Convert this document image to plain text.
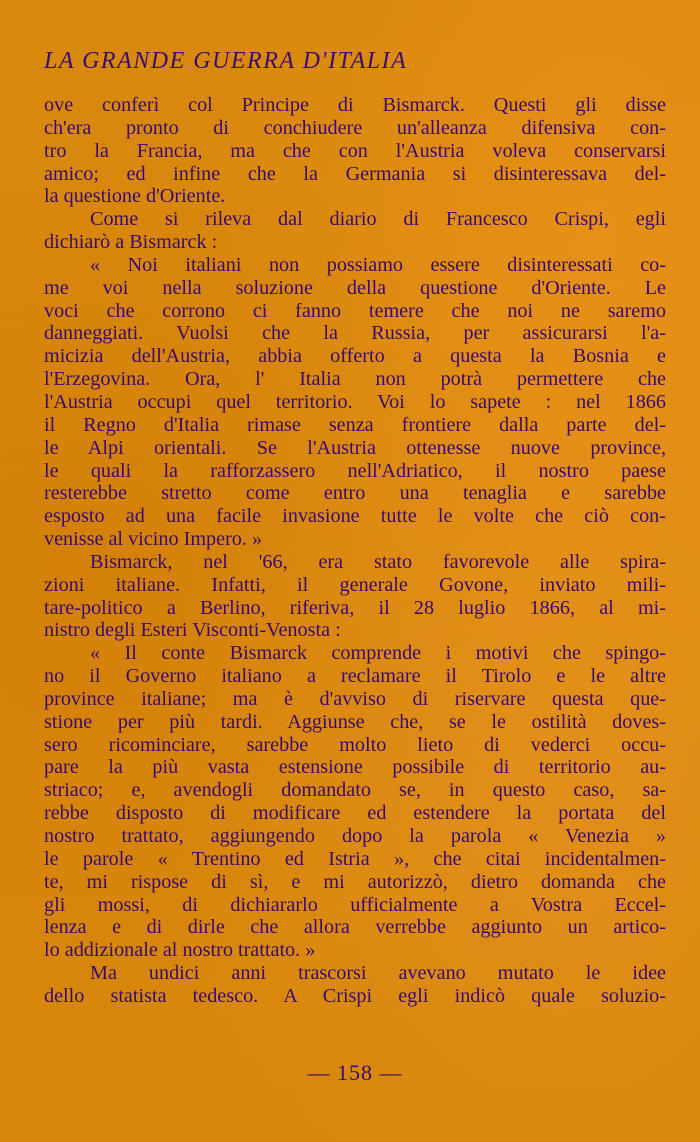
LA GRANDE GUERRA D'ITALIA
ove conferì col Principe di Bismarck. Questi gli disse
ch'era pronto di conchiudere un'alleanza difensiva con-
tro la Francia, ma che con l'Austria voleva conservarsi
amico; ed infine che la Germania si disinteressava del-
la questione d'Oriente.
Come si rileva dal diario di Francesco Crispi, egli
dichiarò a Bismarck :
« Noi italiani non possiamo essere disinteressati co-
me voi nella soluzione della questione d'Oriente. Le
voci che corrono ci fanno temere che noi ne saremo
danneggiati. Vuolsi che la Russia, per assicurarsi l'a-
micizia dell'Austria, abbia offerto a questa la Bosnia e
l'Erzegovina. Ora, l' Italia non potrà permettere che
l'Austria occupi quel territorio. Voi lo sapete : nel 1866
il Regno d'Italia rimase senza frontiere dalla parte del-
le Alpi orientali. Se l'Austria ottenesse nuove province,
le quali la rafforzassero nell'Adriatico, il nostro paese
resterebbe stretto come entro una tenaglia e sarebbe
esposto ad una facile invasione tutte le volte che ciò con-
venisse al vicino Impero. »
Bismarck, nel '66, era stato favorevole alle spira-
zioni italiane. Infatti, il generale Govone, inviato mili-
tare-politico a Berlino, riferiva, il 28 luglio 1866, al mi-
nistro degli Esteri Visconti-Venosta :
« Il conte Bismarck comprende i motivi che spingo-
no il Governo italiano a reclamare il Tirolo e le altre
province italiane; ma è d'avviso di riservare questa que-
stione per più tardi. Aggiunse che, se le ostilità doves-
sero ricominciare, sarebbe molto lieto di vederci occu-
pare la più vasta estensione possibile di territorio au-
striaco; e, avendogli domandato se, in questo caso, sa-
rebbe disposto di modificare ed estendere la portata del
nostro trattato, aggiungendo dopo la parola « Venezia »
le parole « Trentino ed Istria », che citai incidentalmen-
te, mi rispose di sì, e mi autorizzò, dietro domanda che
gli mossi, di dichiararlo ufficialmente a Vostra Eccel-
lenza e di dirle che allora verrebbe aggiunto un artico-
lo addizionale al nostro trattato. »
Ma undici anni trascorsi avevano mutato le idee
dello statista tedesco. A Crispi egli indicò quale soluzio-
— 158 —
